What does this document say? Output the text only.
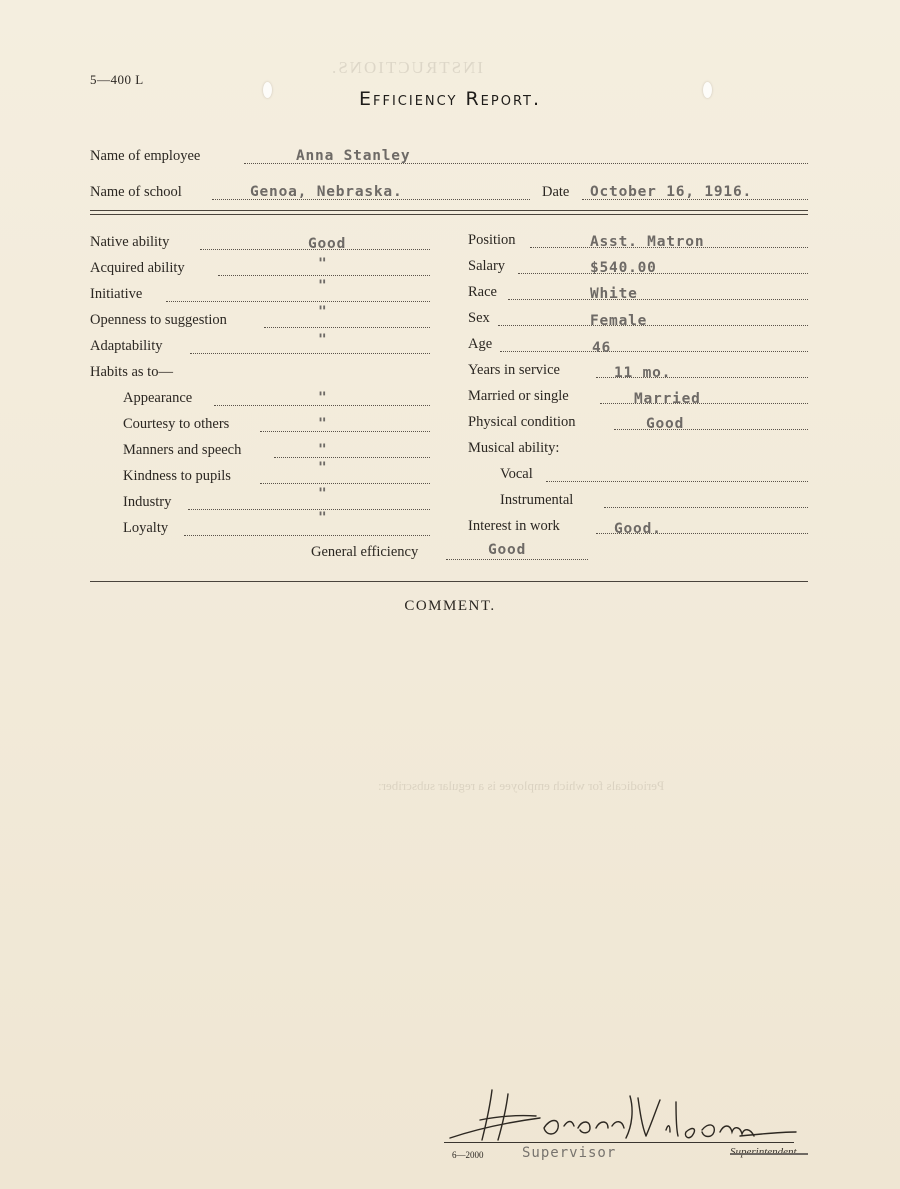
INSTRUCTIONS.
Periodicals for which employee is a regular subscriber:
5—400 L
Efficiency Report.
Name of employee	Anna Stanley
Name of school	Genoa, Nebraska.	Date October 16, 1916.
Native ability	Good
Acquired ability	"
Initiative	"
Openness to suggestion	"
Adaptability	"
Habits as to—
Appearance	"
Courtesy to others	"
Manners and speech	"
Kindness to pupils	"
Industry	"
Loyalty
"
Position	Asst. Matron
Salary	$540.00
Race	White
Sex	Female
Age	46
Years in service	11 mo.
Married or single	Married
Physical condition	Good
Musical ability:
Vocal
Instrumental
Interest in work	Good.
General efficiency	Good
COMMENT.
6—2000	Supervisor	Superintendent.
